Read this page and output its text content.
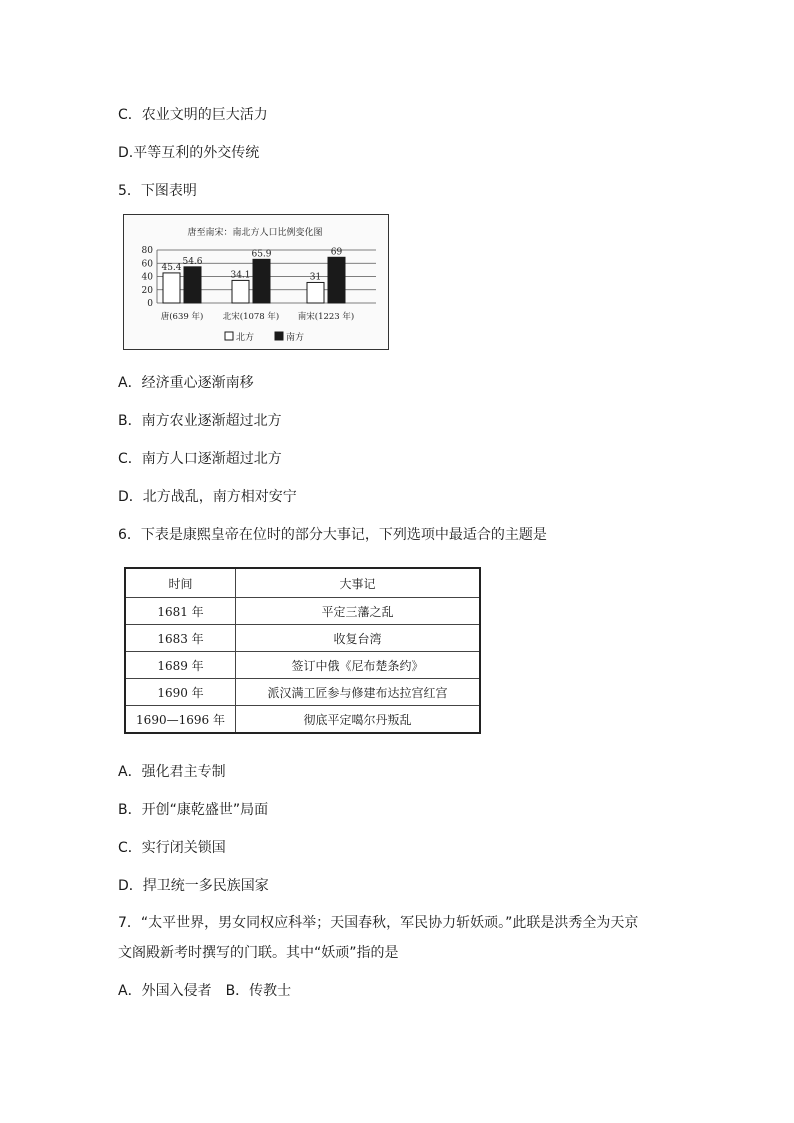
C．农业文明的巨大活力
D.平等互利的外交传统
5．下图表明
唐至南宋：南北方人口比例变化图
80
60
40
20
0
45.4
54.6
34.1
65.9
31
69
唐(639 年) 北宋(1078 年) 南宋(1223 年)
北方	南方
A．经济重心逐渐南移
B．南方农业逐渐超过北方
C．南方人口逐渐超过北方
D．北方战乱，南方相对安宁
6．下表是康熙皇帝在位时的部分大事记，下列选项中最适合的主题是
时间	大事记
1681 年	平定三藩之乱
1683 年	收复台湾
1689 年	签订中俄《尼布楚条约》
1690 年	派汉满工匠参与修建布达拉宫红宫
1690—1696 年	彻底平定噶尔丹叛乱
A．强化君主专制
B．开创“康乾盛世”局面
C．实行闭关锁国
D．捍卫统一多民族国家
7．“太平世界，男女同权应科举；天国春秋，军民协力斩妖顽。”此联是洪秀全为天京
文阁殿新考时撰写的门联。其中“妖顽”指的是
A．外国入侵者　B．传教士
